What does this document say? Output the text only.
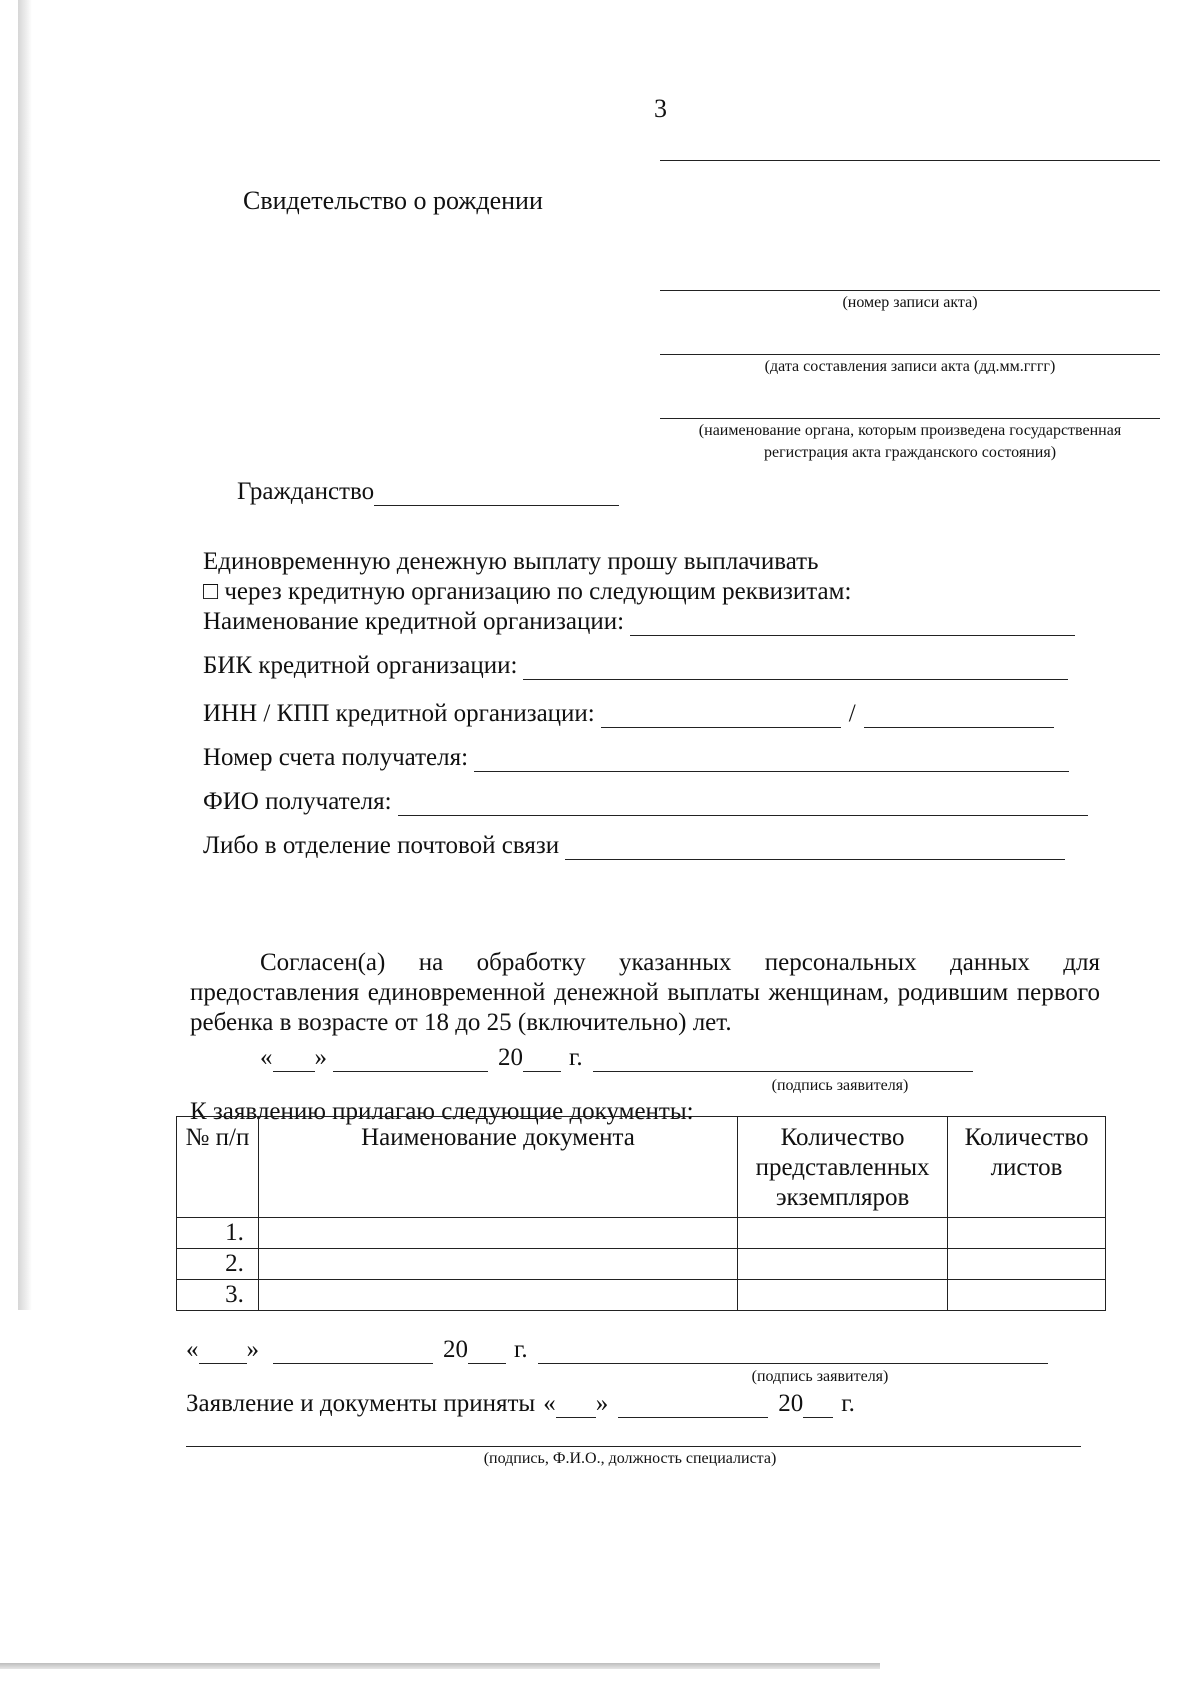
3
Свидетельство о рождении
(номер записи акта)
(дата составления записи акта (дд.мм.гггг)
(наименование органа, которым произведена государственная регистрация акта гражданского состояния)
Гражданство
Единовременную денежную выплату прошу выплачивать
□ через кредитную организацию по следующим реквизитам:
Наименование кредитной организации:
БИК кредитной организации:
ИНН / КПП кредитной организации:	/
Номер счета получателя:
ФИО получателя:
Либо в отделение почтовой связи
Согласен(а) на обработку указанных персональных данных для предоставления единовременной денежной выплаты женщинам, родившим первого ребенка в возрасте от 18 до 25 (включительно) лет.
« »	20 г.
(подпись заявителя)
К заявлению прилагаю следующие документы:
№ п/п	Наименование документа	Количество представленных экземпляров	Количество листов
1.			
2.			
3.			
« »	20 г.
(подпись заявителя)
Заявление и документы приняты « »	20 г.
(подпись, Ф.И.О., должность специалиста)
